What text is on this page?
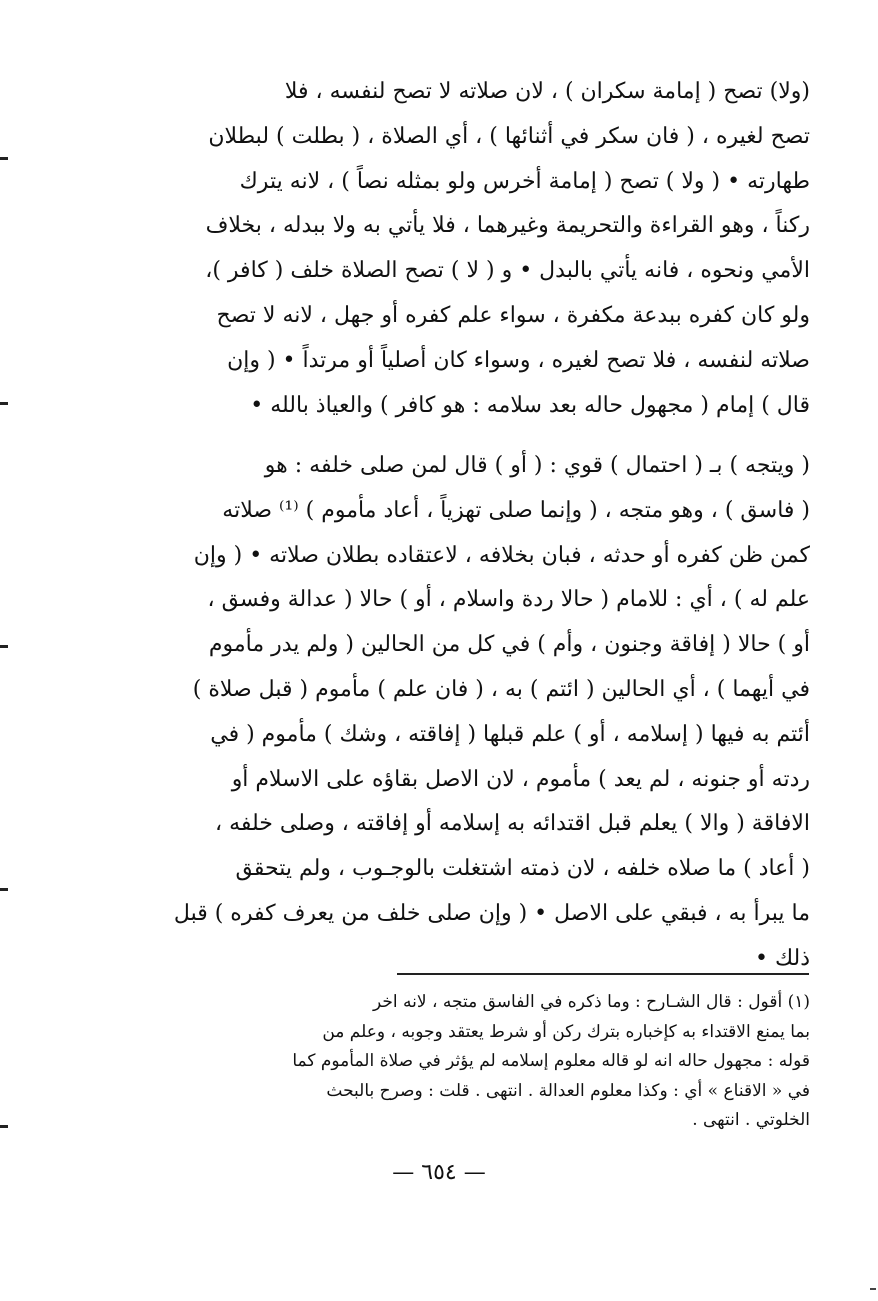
(ولا) تصح ( إمامة سكران ) ، لان صلاته لا تصح لنفسه ، فلا
تصح لغيره ، ( فان سكر في أثنائها ) ، أي الصلاة ، ( بطلت ) لبطلان
طهارته • ( ولا ) تصح ( إمامة أخرس ولو بمثله نصاً ) ، لانه يترك
ركناً ، وهو القراءة والتحريمة وغيرهما ، فلا يأتي به ولا ببدله ، بخلاف
الأمي ونحوه ، فانه يأتي بالبدل • و ( لا ) تصح الصلاة خلف ( كافر )،
ولو كان كفره ببدعة مكفرة ، سواء علم كفره أو جهل ، لانه لا تصح
صلاته لنفسه ، فلا تصح لغيره ، وسواء كان أصلياً أو مرتداً • ( وإن
قال ) إمام ( مجهول حاله بعد سلامه : هو كافر ) والعياذ بالله •
( ويتجه ) بـ ( احتمال ) قوي : ( أو ) قال لمن صلى خلفه : هو
( فاسق ) ، وهو متجه ، ( وإنما صلى تهزياً ، أعاد مأموم ) ⁽¹⁾ صلاته
كمن ظن كفره أو حدثه ، فبان بخلافه ، لاعتقاده بطلان صلاته • ( وإن
علم له ) ، أي : للامام ( حالا ردة واسلام ، أو ) حالا ( عدالة وفسق ،
أو ) حالا ( إفاقة وجنون ، وأم ) في كل من الحالين ( ولم يدر مأموم
في أيهما ) ، أي الحالين ( ائتم ) به ، ( فان علم ) مأموم ( قبل صلاة )
أئتم به فيها ( إسلامه ، أو ) علم قبلها ( إفاقته ، وشك ) مأموم ( في
ردته أو جنونه ، لم يعد ) مأموم ، لان الاصل بقاؤه على الاسلام أو
الافاقة ( والا ) يعلم قبل اقتدائه به إسلامه أو إفاقته ، وصلى خلفه ،
( أعاد ) ما صلاه خلفه ، لان ذمته اشتغلت بالوجـوب ، ولم يتحقق
ما يبرأ به ، فبقي على الاصل • ( وإن صلى خلف من يعرف كفره ) قبل
ذلك •
(١) أقول : قال الشـارح : وما ذكره في الفاسق متجه ، لانه اخر
بما يمنع الاقتداء به كإخباره بترك ركن أو شرط يعتقد وجوبه ، وعلم من
قوله : مجهول حاله انه لو قاله معلوم إسلامه لم يؤثر في صلاة المأموم كما
في « الاقناع » أي : وكذا معلوم العدالة . انتهى . قلت : وصرح بالبحث
الخلوتي . انتهى .
— ٦٥٤ —
